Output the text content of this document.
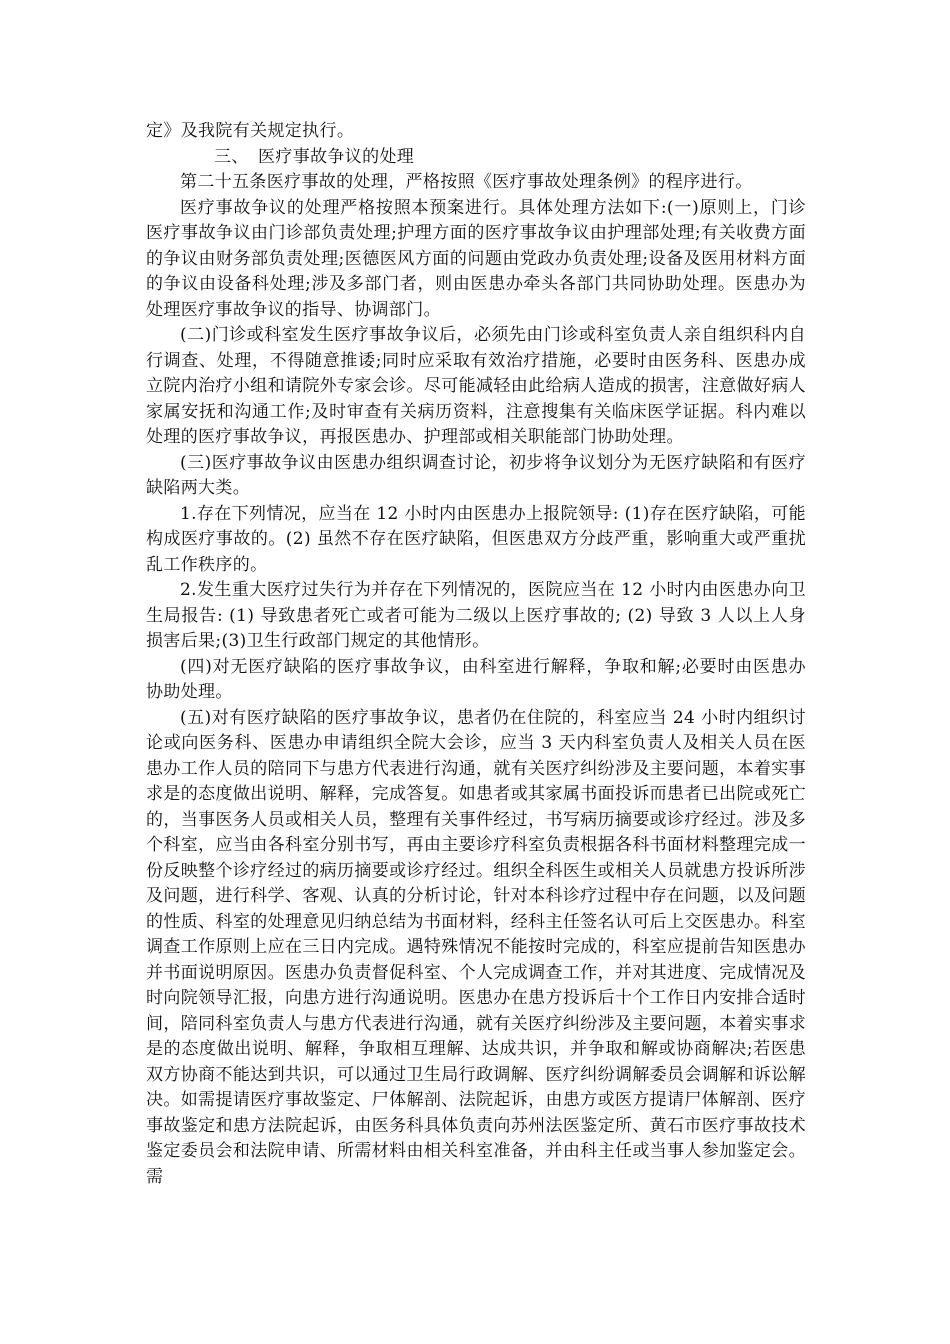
定》及我院有关规定执行。

三、 医疗事故争议的处理

第二十五条医疗事故的处理，严格按照《医疗事故处理条例》的程序进行。

医疗事故争议的处理严格按照本预案进行。具体处理方法如下:(一)原则上，门诊医疗事故争议由门诊部负责处理;护理方面的医疗事故争议由护理部处理;有关收费方面的争议由财务部负责处理;医德医风方面的问题由党政办负责处理;设备及医用材料方面的争议由设备科处理;涉及多部门者，则由医患办牵头各部门共同协助处理。医患办为处理医疗事故争议的指导、协调部门。

(二)门诊或科室发生医疗事故争议后，必须先由门诊或科室负责人亲自组织科内自行调查、处理，不得随意推诿;同时应采取有效治疗措施，必要时由医务科、医患办成立院内治疗小组和请院外专家会诊。尽可能减轻由此给病人造成的损害，注意做好病人家属安抚和沟通工作;及时审查有关病历资料，注意搜集有关临床医学证据。科内难以处理的医疗事故争议，再报医患办、护理部或相关职能部门协助处理。

(三)医疗事故争议由医患办组织调查讨论，初步将争议划分为无医疗缺陷和有医疗缺陷两大类。

1.存在下列情况，应当在 12 小时内由医患办上报院领导: (1)存在医疗缺陷，可能构成医疗事故的。(2) 虽然不存在医疗缺陷，但医患双方分歧严重，影响重大或严重扰乱工作秩序的。

2.发生重大医疗过失行为并存在下列情况的，医院应当在 12 小时内由医患办向卫生局报告: (1) 导致患者死亡或者可能为二级以上医疗事故的; (2) 导致 3 人以上人身损害后果;(3)卫生行政部门规定的其他情形。

(四)对无医疗缺陷的医疗事故争议，由科室进行解释，争取和解;必要时由医患办协助处理。

(五)对有医疗缺陷的医疗事故争议，患者仍在住院的，科室应当 24 小时内组织讨论或向医务科、医患办申请组织全院大会诊，应当 3 天内科室负责人及相关人员在医患办工作人员的陪同下与患方代表进行沟通，就有关医疗纠纷涉及主要问题，本着实事求是的态度做出说明、解释，完成答复。如患者或其家属书面投诉而患者已出院或死亡的，当事医务人员或相关人员，整理有关事件经过，书写病历摘要或诊疗经过。涉及多个科室，应当由各科室分别书写，再由主要诊疗科室负责根据各科书面材料整理完成一份反映整个诊疗经过的病历摘要或诊疗经过。组织全科医生或相关人员就患方投诉所涉及问题，进行科学、客观、认真的分析讨论，针对本科诊疗过程中存在问题，以及问题的性质、科室的处理意见归纳总结为书面材料，经科主任签名认可后上交医患办。科室调查工作原则上应在三日内完成。遇特殊情况不能按时完成的，科室应提前告知医患办并书面说明原因。医患办负责督促科室、个人完成调查工作，并对其进度、完成情况及时向院领导汇报，向患方进行沟通说明。医患办在患方投诉后十个工作日内安排合适时间，陪同科室负责人与患方代表进行沟通，就有关医疗纠纷涉及主要问题，本着实事求是的态度做出说明、解释，争取相互理解、达成共识，并争取和解或协商解决;若医患双方协商不能达到共识，可以通过卫生局行政调解、医疗纠纷调解委员会调解和诉讼解决。如需提请医疗事故鉴定、尸体解剖、法院起诉，由患方或医方提请尸体解剖、医疗事故鉴定和患方法院起诉，由医务科具体负责向苏州法医鉴定所、黄石市医疗事故技术鉴定委员会和法院申请、所需材料由相关科室准备，并由科主任或当事人参加鉴定会。需
